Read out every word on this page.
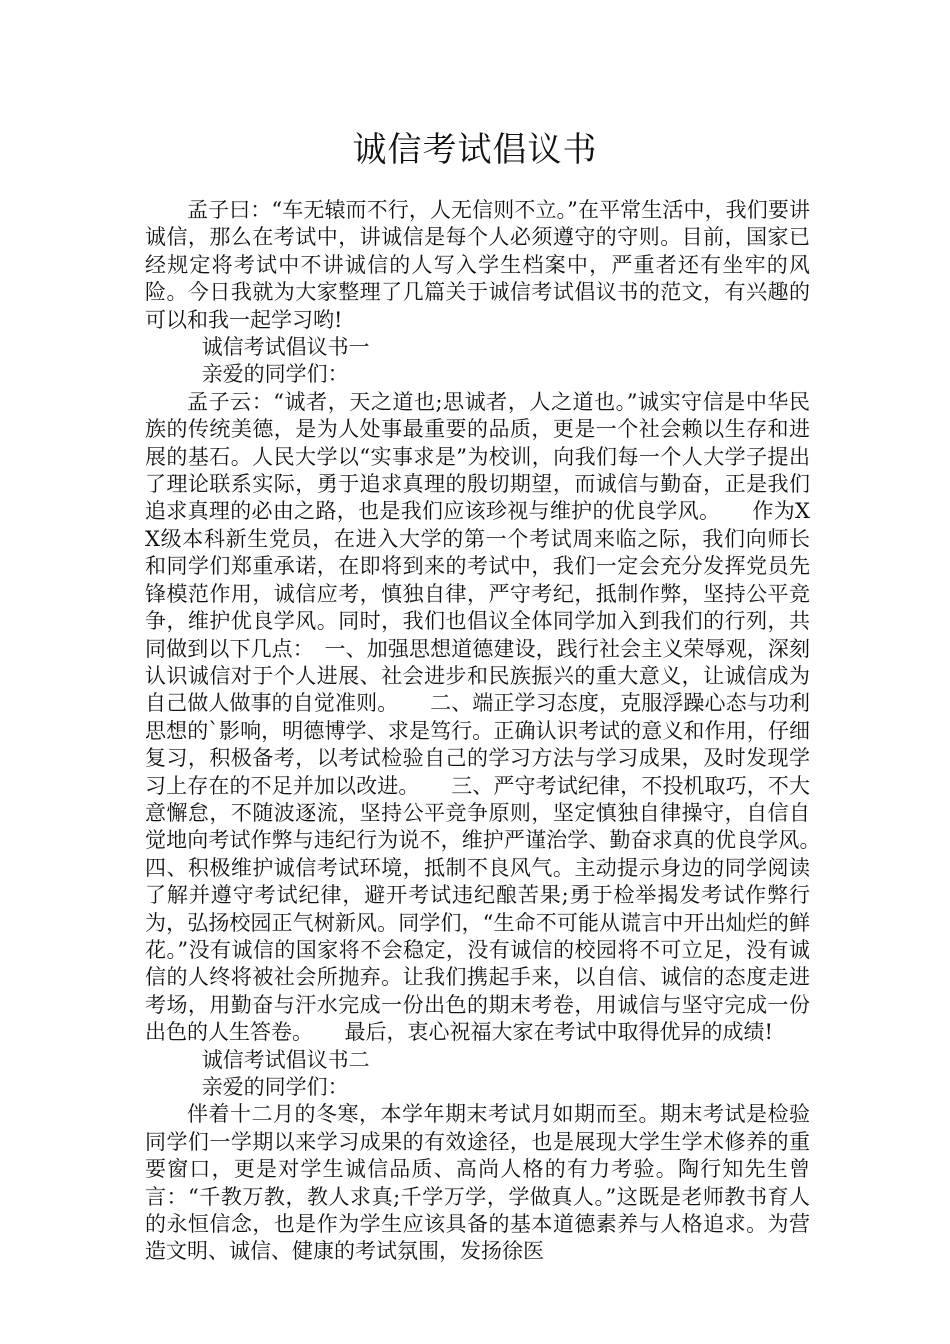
诚信考试倡议书

孟子曰：“车无辕而不行，人无信则不立。”在平常生活中，我们要讲诚信，那么在考试中，讲诚信是每个人必须遵守的守则。目前，国家已经规定将考试中不讲诚信的人写入学生档案中，严重者还有坐牢的风险。今日我就为大家整理了几篇关于诚信考试倡议书的范文，有兴趣的可以和我一起学习哟!

诚信考试倡议书一

亲爱的同学们：

孟子云：“诚者，天之道也;思诚者，人之道也。”诚实守信是中华民族的传统美德，是为人处事最重要的品质，更是一个社会赖以生存和进展的基石。人民大学以“实事求是”为校训，向我们每一个人大学子提出了理论联系实际，勇于追求真理的殷切期望，而诚信与勤奋，正是我们追求真理的必由之路，也是我们应该珍视与维护的优良学风。　　作为XX级本科新生党员，在进入大学的第一个考试周来临之际，我们向师长和同学们郑重承诺，在即将到来的考试中，我们一定会充分发挥党员先锋模范作用，诚信应考，慎独自律，严守考纪，抵制作弊，坚持公平竞争，维护优良学风。同时，我们也倡议全体同学加入到我们的行列，共同做到以下几点：　一、加强思想道德建设，践行社会主义荣辱观，深刻认识诚信对于个人进展、社会进步和民族振兴的重大意义，让诚信成为自己做人做事的自觉准则。　　二、端正学习态度，克服浮躁心态与功利思想的`影响，明德博学、求是笃行。正确认识考试的意义和作用，仔细复习，积极备考，以考试检验自己的学习方法与学习成果，及时发现学习上存在的不足并加以改进。　　三、严守考试纪律，不投机取巧，不大意懈怠，不随波逐流，坚持公平竞争原则，坚定慎独自律操守，自信自觉地向考试作弊与违纪行为说不，维护严谨治学、勤奋求真的优良学风。　　四、积极维护诚信考试环境，抵制不良风气。主动提示身边的同学阅读了解并遵守考试纪律，避开考试违纪酿苦果;勇于检举揭发考试作弊行为，弘扬校园正气树新风。同学们，“生命不可能从谎言中开出灿烂的鲜花。”没有诚信的国家将不会稳定，没有诚信的校园将不可立足，没有诚信的人终将被社会所抛弃。让我们携起手来，以自信、诚信的态度走进考场，用勤奋与汗水完成一份出色的期末考卷，用诚信与坚守完成一份出色的人生答卷。　　最后，衷心祝福大家在考试中取得优异的成绩!

诚信考试倡议书二

亲爱的同学们：

伴着十二月的冬寒，本学年期末考试月如期而至。期末考试是检验同学们一学期以来学习成果的有效途径，也是展现大学生学术修养的重要窗口，更是对学生诚信品质、高尚人格的有力考验。陶行知先生曾言：“千教万教，教人求真;千学万学，学做真人。”这既是老师教书育人的永恒信念，也是作为学生应该具备的基本道德素养与人格追求。为营造文明、诚信、健康的考试氛围，发扬徐医
